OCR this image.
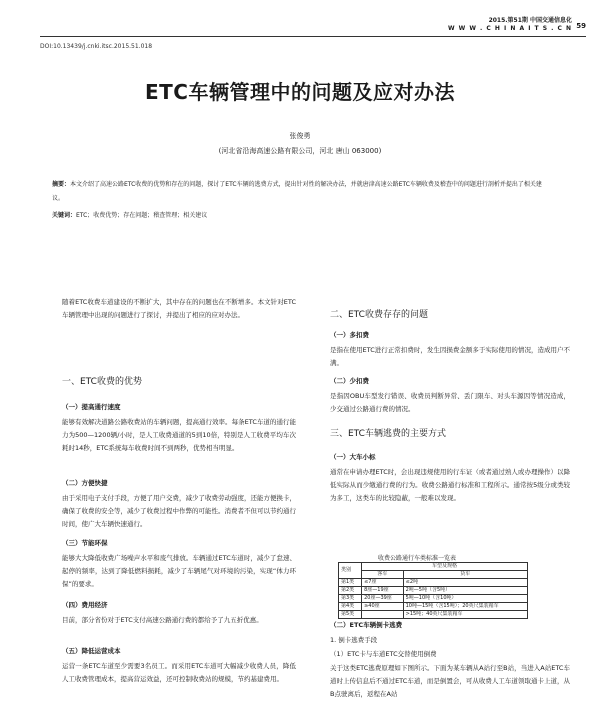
2015.第51期 中国交通信息化
W W W . C H I N A I T S . C N 59
DOI:10.13439/j.cnki.itsc.2015.51.018
ETC车辆管理中的问题及应对办法
张俊勇
(河北省沿海高速公路有限公司，河北 唐山 063000)
摘要：本文介绍了高速公路ETC收费的优势和存在的问题，探讨了ETC车辆的逃费方式，提出针对性的解决办法，并就唐津高速公路ETC车辆收费及稽查中的问题进行剖析并提出了相关建议。
关键词：ETC；收费优势；存在问题；稽查管理；相关建议
随着ETC收费车道建设的不断扩大，其中存在的问题也在不断增多。本文针对ETC车辆管理中出现的问题进行了探讨，并提出了相应的应对办法。
一、ETC收费的优势
（一）提高通行速度
能够有效解决道路公路收费站的车辆问题，提高通行效率。每条ETC车道的通行能力为500—1200辆/小时，是人工收费通道的5到10倍，特别是人工收费平均车次耗时14秒，ETC系统每车收费时间不到两秒，优势相当明显。
（二）方便快捷
由于采用电子支付手段，方便了用户交费，减少了收费劳动强度，还能方便换卡，确保了收费的安全等，减少了收费过程中作弊的可能性。消费者不但可以节约通行时间，使广大车辆快速通行。
（三）节能环保
能够大大降低收费广场噪声水平和废气排放。车辆通过ETC车道时，减少了怠速、起停的频率，达到了降低燃料损耗，减少了车辆尾气对环境的污染，实现“体力环保”的要求。
（四）费用经济
目前，部分省份对于ETC支付高速公路通行费的都给予了九五折优惠。
（五）降低运营成本
运营一条ETC车道至少需要3名员工。而采用ETC车道可大幅减少收费人员，降低人工收费管理成本，提高营运效益，还可控制收费站的规模，节约基建费用。
二、ETC收费存存的问题
（一）多扣费
是指在使用ETC进行正常扣费时，发生因损费金额多于实际使用的情况，造成用户不满。
（二）少扣费
是指因OBU车型发行错误、收费员判断异常、丢门限车、对头车源因等情况造成，少交通过公路通行费的情况。
三、ETC车辆逃费的主要方式
（一）大车小标
通常在申请办理ETC时，会出现违规使用的行车证（或者通过熟人或办理操作）以降低实际从而少缴通行费的行为。收费公路通行标准和工程所示。通常按5级分或类较为多工，这类车的比较隐蔽，一般难以发现。
收费公路通行车类标准一览表
类别	车型及规格	
	客车	货车
第1类	≤7座	≤2吨
第2类	8座—19座	2吨—5吨（含5吨）
第3类	20座—39座	5吨—10吨（含10吨）
第4类	≥40座	10吨—15吨（含15吨）；20英尺集装箱车
第5类		>15吨；40英尺集装箱车
（二）ETC车辆倒卡逃费
1. 倒卡逃费手段
（1）ETC卡与车道ETC交替使用倒费
关于这类ETC逃费原理如下图所示。下面为某车辆从A站行至B站，当进入A站ETC车道时上传信息后不通过ETC车道，而是倒置会，可从收费人工车道领取通卡上道，从B点驶离后，返程在A站
